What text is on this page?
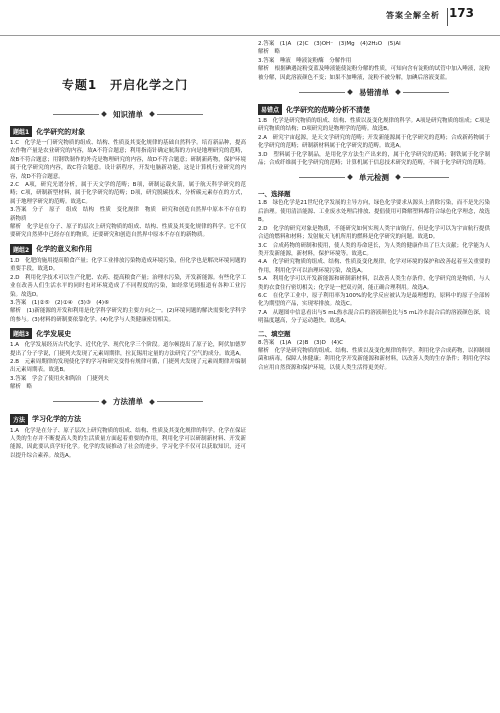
答案全解全析 173
专题1　开启化学之门
知识清单
题组1	化学研究的对象

1.C　化学是一门研究物质的组成、结构、性质及其变化规律的基础自然科学。培育新品种，提高农作物产量是农业研究的内容，故A不符合题意；利用指南针确定航海的方向是地理研究的范畴，故B不符合题意；用钢铁制作的外壳是物理研究的内容，故D不符合题意；研制新药物，保护环境属于化学研究的内容，故C符合题意。设计新程序，开发电脑新功能，这是计算机行业研究的内容，故D不符合题意。

2.C　A项，研究光谱分析，属于天文学的范畴；B项，研制运载火箭，属于航天科学研究的范畴；C项，研制新型材料，属于化学研究的范畴；D项，研究脱碳技术，分析碳元素存在的方式，属于地理学研究的范畴。故选C。

3.答案　分子　原子　组成　结构　性质　变化规律　物质　研究和创造自然界中原本不存在的新物质

解析　化学是在分子、原子的层次上研究物质的组成、结构、性质及其变化规律的科学。它不仅要研究自然界中已经存在的物质，还要研究和创造自然界中原本不存在的新物质。

题组2	化学的意义和作用

1.D　化肥的施用提高粮食产量；化学工业排放污染物造成环境污染，但化学也是解决环境问题的重要手段，故选D。

2.D　利用化学技术可以生产化肥、农药、提高粮食产量；治理水污染，开发新能源。有些化学工业在改善人们生活水平的同时也对环境造成了不同程度的污染，如经常见到报道有各种工业污染。故选D。

3.答案　(1)②⑤　(2)①④　(3)③　(4)⑥

解析　(1)新能源的开发和利用是化学科学研究的主要方向之一。(2)环境问题的解决需要化学科学的参与。(3)材料的研制要依靠化学。(4)化学与人类健康密切相关。

题组3	化学发展史

1.A　化学发展经历古代化学、近代化学、现代化学三个阶段。道尔顿提出了原子论，阿伏加德罗提出了分子学说，门捷列夫发现了元素周期律，拉瓦锡用定量的方法研究了空气的成分。故选A。

2.B　元素周期律的发现使化学的学习和研究变得有规律可循，门捷列夫发现了元素周期律并编制出元素周期表。故选B。

3.答案　学会了使用火和陶冶　门捷列夫

解析　略

方法清单
方法	学习化学的方法

1.A　化学是在分子、原子层次上研究物质的组成、结构、性质及其变化规律的科学。化学在保证人类的生存并不断提高人类的生活质量方面起着重要的作用，利用化学可以研制新材料、开发新能源，因此要认真学好化学。化学的发展推动了社会的进步，学习化学不仅可以获取知识，还可以提升综合素养。故选A。

2.答案　(1)A　(2)C　(3)OH⁻　(3)Mg　(4)2H₂O　(5)Al

解析　略

3.答案　唾液　唾液淀粉酶　分解作用

解析　根据碘遇淀粉变蓝及唾液能使淀粉分解的性质，可知向含有淀粉的试管中加入唾液，淀粉被分解，因此溶液颜色不变；如果不加唾液，淀粉不被分解，加碘后溶液变蓝。

易错清单
易错点	化学研究的范畴分析不清楚

1.B　化学是研究物质的组成、结构、性质以及变化规律的科学。A项是研究物质的组成；C项是研究物质的结构；D项研究的是物理学的范畴。故选B。

2.A　研究宇宙起源，是天文学研究的范畴；开发新能源属于化学研究的范畴；合成新药物属于化学研究的范畴；研制新材料属于化学研究的范畴。故选A。

3.D　塑料属于化学制品，是用化学方法生产出来的，属于化学研究的范畴；钢铁属于化学制品；合成纤维属于化学研究的范畴；计算机属于信息技术研究的范畴，不属于化学研究的范畴。

单元检测
一、选择题

1.B　绿色化学是21世纪化学发展的主导方向，绿色化学要求从源头上消除污染，而不是先污染后治理。使用清洁能源、工业废水处理后排放、提倡使用可降解塑料都符合绿色化学理念，故选B。

2.D　化学的研究对象是物质，不能研究如何实现人类宇宙航行，但是化学可以为宇宙航行提供合适的燃料和材料；发射航天飞机所用的燃料是化学研究的问题。故选D。

3.C　合成药物的研制和使用，使人类的寿命延长，为人类的健康作出了巨大贡献；化学能为人类开发新能源，新材料，保护环境等。故选C。

4.A　化学研究物质的组成、结构、性质及变化规律，化学对环境的保护和改善起着至关重要的作用，利用化学可以治理环境污染，故选A。

5.A　利用化学可以开发新能源和研制新材料，以改善人类生存条件，化学研究的是物质，与人类的衣食住行密切相关；化学是一把双刃剑，能正确合理利用。故选A。

6.C　在化学工业中，原子利用率为100%的化学反应被认为是最理想的，原料中的原子全部转化为期望的产品，实现零排放。故选C。

7.A　从题图中信息看出与5 mL热水混合后的溶液颜色比与5 mL冷水混合后的溶液颜色深，说明温度越高，分子运动越快。故选A。

二、填空题

8.答案　(1)A　(2)B　(3)D　(4)C

解析　化学是研究物质的组成、结构、性质以及变化规律的科学。利用化学合成药物，以抑制细菌和病毒，保障人体健康；利用化学开发新能源和新材料，以改善人类的生存条件；利用化学综合应用自然资源和保护环境，以使人类生活得更美好。
